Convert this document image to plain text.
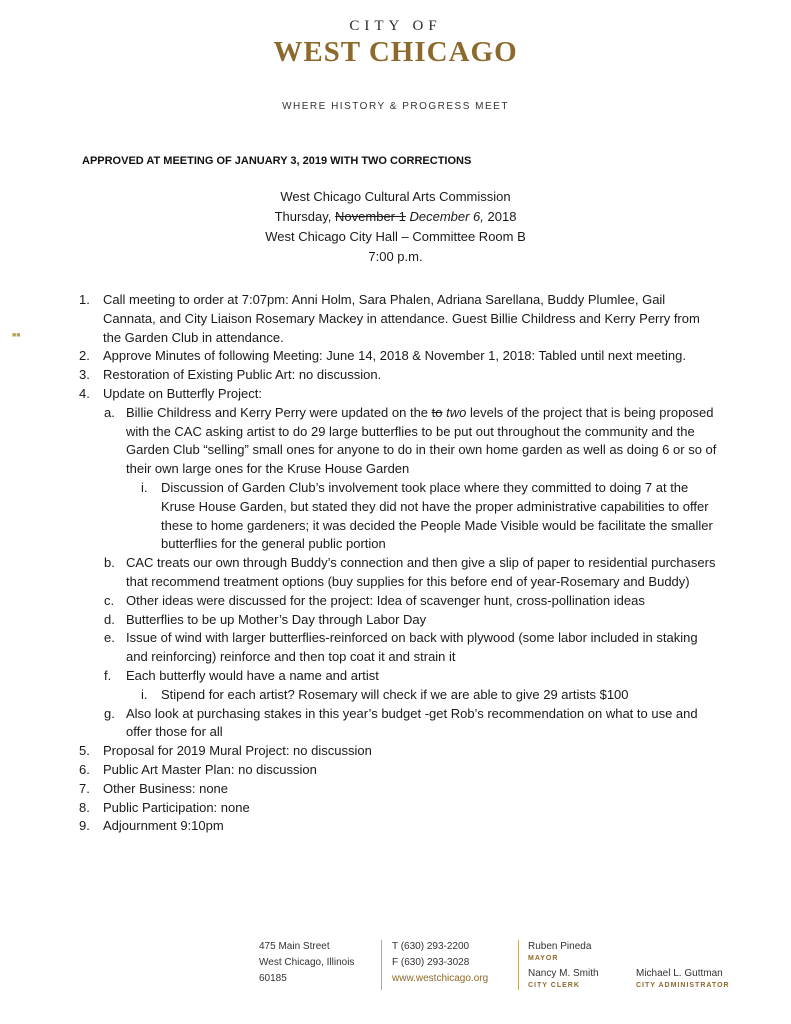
CITY OF
WEST CHICAGO
WHERE HISTORY & PROGRESS MEET
APPROVED AT MEETING OF JANUARY 3, 2019 WITH TWO CORRECTIONS
West Chicago Cultural Arts Commission
Thursday, November 1 December 6, 2018
West Chicago City Hall – Committee Room B
7:00 p.m.
■■
1.	Call meeting to order at 7:07pm: Anni Holm, Sara Phalen, Adriana Sarellana, Buddy Plumlee, Gail Cannata, and City Liaison Rosemary Mackey in attendance. Guest Billie Childress and Kerry Perry from the Garden Club in attendance.
2.	Approve Minutes of following Meeting: June 14, 2018 & November 1, 2018: Tabled until next meeting.
3.	Restoration of Existing Public Art: no discussion.
4.	Update on Butterfly Project:
a. Billie Childress and Kerry Perry were updated on the to two levels of the project that is being proposed with the CAC asking artist to do 29 large butterflies to be put out throughout the community and the Garden Club “selling” small ones for anyone to do in their own home garden as well as doing 6 or so of their own large ones for the Kruse House Garden
i. Discussion of Garden Club’s involvement took place where they committed to doing 7 at the Kruse House Garden, but stated they did not have the proper administrative capabilities to offer these to home gardeners; it was decided the People Made Visible would be facilitate the smaller butterflies for the general public portion
b. CAC treats our own through Buddy’s connection and then give a slip of paper to residential purchasers that recommend treatment options (buy supplies for this before end of year-Rosemary and Buddy)
c. Other ideas were discussed for the project: Idea of scavenger hunt, cross-pollination ideas
d. Butterflies to be up Mother’s Day through Labor Day
e. Issue of wind with larger butterflies-reinforced on back with plywood (some labor included in staking and reinforcing) reinforce and then top coat it and strain it
f. Each butterfly would have a name and artist
i. Stipend for each artist? Rosemary will check if we are able to give 29 artists $100
g. Also look at purchasing stakes in this year’s budget -get Rob’s recommendation on what to use and offer those for all
5.	Proposal for 2019 Mural Project: no discussion
6.	Public Art Master Plan: no discussion
7.	Other Business: none
8.	Public Participation: none
9.	Adjournment 9:10pm
475 Main Street
West Chicago, Illinois
60185
T (630) 293-2200
F (630) 293-3028
www.westchicago.org
Ruben Pineda
MAYOR
Nancy M. Smith
CITY CLERK
Michael L. Guttman
CITY ADMINISTRATOR
